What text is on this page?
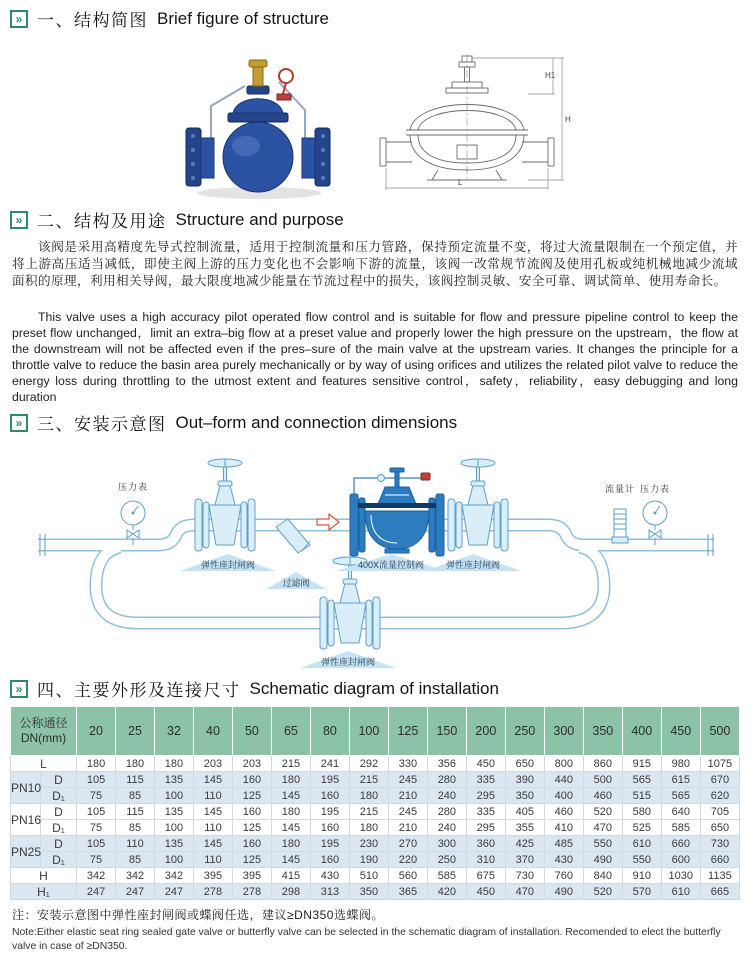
» 一、结构简图 Brief figure of structure
H1
H
L
» 二、结构及用途 Structure and purpose

该阀是采用高精度先导式控制流量，适用于控制流量和压力管路，保持预定流量不变，将过大流量限制在一个预定值，并将上游高压适当减低，即使主阀上游的压力变化也不会影响下游的流量，该阀一改常规节流阀及使用孔板或纯机械地减少流域面积的原理，利用相关导阀，最大限度地减少能量在节流过程中的损失，该阀控制灵敏、安全可靠、调试简单、使用寿命长。

This valve uses a high accuracy pilot operated flow control and is suitable for flow and pressure pipeline control to keep the preset flow unchanged，limit an extra–big flow at a preset value and properly lower the high pressure on the upstream，the flow at the downstream will not be affected even if the pres–sure of the main valve at the upstream varies. It changes the principle for a throttle valve to reduce the basin area purely mechanically or by way of using orifices and utilizes the related pilot valve to reduce the energy loss during throttling to the utmost extent and features sensitive control，safety，reliability，easy debugging and long duration

» 三、安装示意图 Out–form and connection dimensions
压力表	流量计 压力表
弹性座封闸阀	400X流量控制阀	弹性座封闸阀
过滤阀
弹性座封闸阀
» 四、主要外形及连接尺寸 Schematic diagram of installation
公称通径
DN(mm)		20	25	32	40	50	65	80	100	125	150	200	250	300	350	400	450	500
L		180	180	180	203	203	215	241	292	330	356	450	650	800	860	915	980	1075
PN10	D	105	115	135	145	160	180	195	215	245	280	335	390	440	500	565	615	670
	D₁	75	85	100	110	125	145	160	180	210	240	295	350	400	460	515	565	620
PN16	D	105	115	135	145	160	180	195	215	245	280	335	405	460	520	580	640	705
	D₁	75	85	100	110	125	145	160	180	210	240	295	355	410	470	525	585	650
PN25	D	105	110	135	145	160	180	195	230	270	300	360	425	485	550	610	660	730
	D₁	75	85	100	110	125	145	160	190	220	250	310	370	430	490	550	600	660
H		342	342	342	395	395	415	430	510	560	585	675	730	760	840	910	1030	1135
H₁		247	247	247	278	278	298	313	350	365	420	450	470	490	520	570	610	665
注：安装示意图中弹性座封闸阀或蝶阀任选，建议≥DN350选蝶阀。
Note:Either elastic seat ring sealed gate valve or butterfly valve can be selected in the schematic diagram of installation. Recomended to elect the butterfly valve in case of ≥DN350.
